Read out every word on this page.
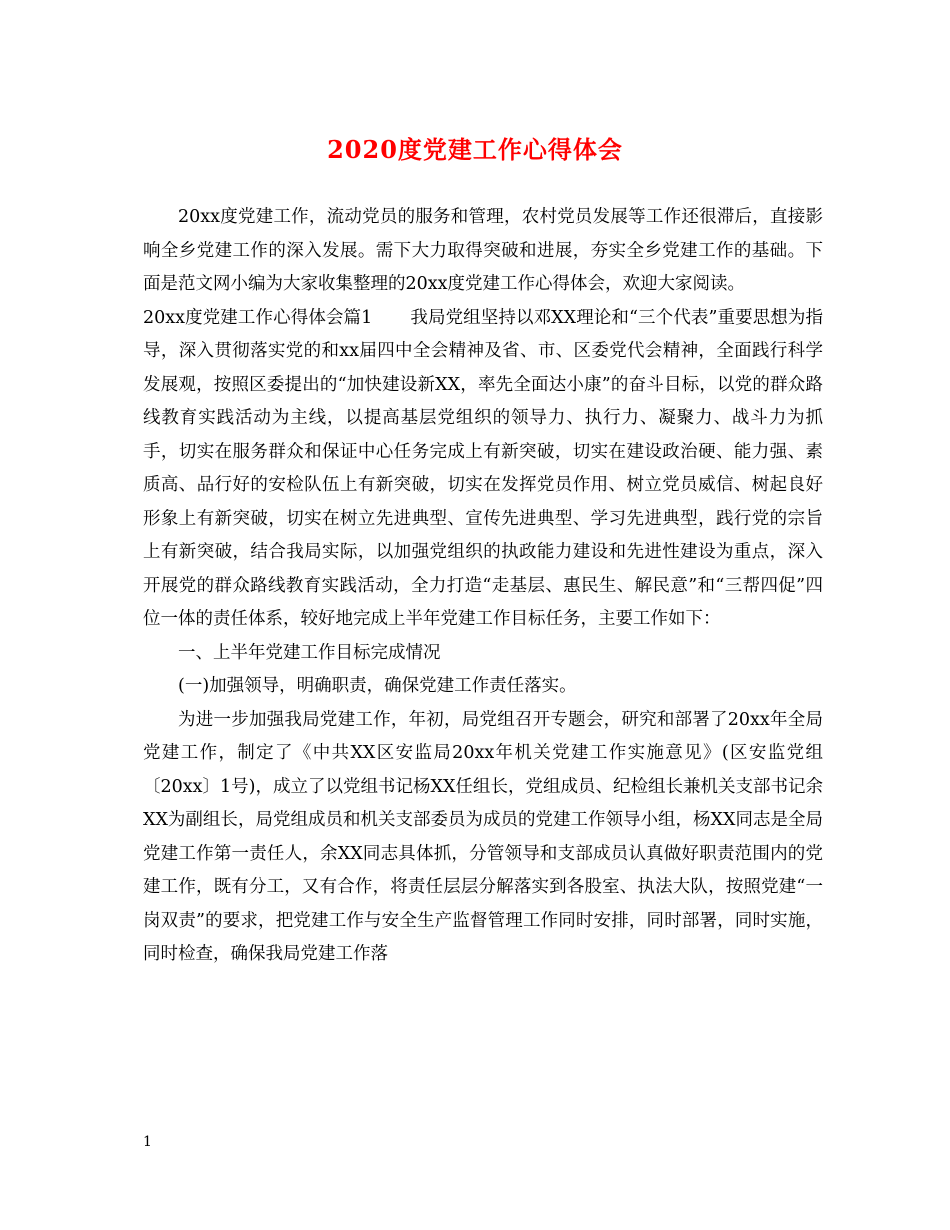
2020度党建工作心得体会

20xx度党建工作，流动党员的服务和管理，农村党员发展等工作还很滞后，直接影响全乡党建工作的深入发展。需下大力取得突破和进展，夯实全乡党建工作的基础。下面是范文网小编为大家收集整理的20xx度党建工作心得体会，欢迎大家阅读。

20xx度党建工作心得体会篇1 我局党组坚持以邓XX理论和“三个代表”重要思想为指导，深入贯彻落实党的和xx届四中全会精神及省、市、区委党代会精神，全面践行科学发展观，按照区委提出的“加快建设新XX，率先全面达小康”的奋斗目标，以党的群众路线教育实践活动为主线，以提高基层党组织的领导力、执行力、凝聚力、战斗力为抓手，切实在服务群众和保证中心任务完成上有新突破，切实在建设政治硬、能力强、素质高、品行好的安检队伍上有新突破，切实在发挥党员作用、树立党员威信、树起良好形象上有新突破，切实在树立先进典型、宣传先进典型、学习先进典型，践行党的宗旨上有新突破，结合我局实际，以加强党组织的执政能力建设和先进性建设为重点，深入开展党的群众路线教育实践活动，全力打造“走基层、惠民生、解民意”和“三帮四促”四位一体的责任体系，较好地完成上半年党建工作目标任务，主要工作如下：

一、上半年党建工作目标完成情况

(一)加强领导，明确职责，确保党建工作责任落实。

为进一步加强我局党建工作，年初，局党组召开专题会，研究和部署了20xx年全局党建工作，制定了《中共XX区安监局20xx年机关党建工作实施意见》(区安监党组〔20xx〕1号)，成立了以党组书记杨XX任组长，党组成员、纪检组长兼机关支部书记余XX为副组长，局党组成员和机关支部委员为成员的党建工作领导小组，杨XX同志是全局党建工作第一责任人，余XX同志具体抓，分管领导和支部成员认真做好职责范围内的党建工作，既有分工，又有合作，将责任层层分解落实到各股室、执法大队，按照党建“一岗双责”的要求，把党建工作与安全生产监督管理工作同时安排，同时部署，同时实施，同时检查，确保我局党建工作落

1
